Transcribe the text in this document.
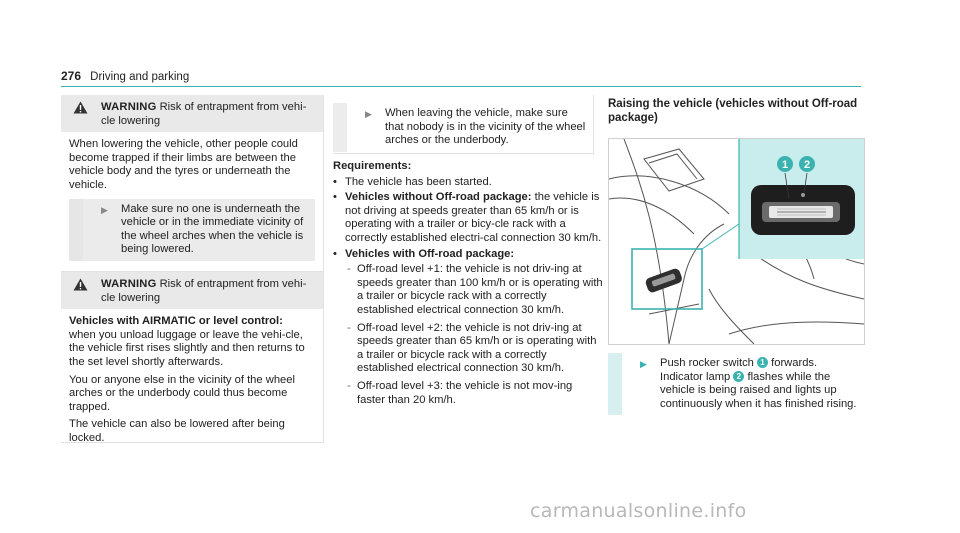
276 Driving and parking
WARNING Risk of entrapment from vehi-cle lowering

When lowering the vehicle, other people could become trapped if their limbs are between the vehicle body and the tyres or underneath the vehicle.

▶ Make sure no one is underneath the vehicle or in the immediate vicinity of the wheel arches when the vehicle is being lowered.
WARNING Risk of entrapment from vehi-cle lowering

Vehicles with AIRMATIC or level control:
when you unload luggage or leave the vehi-cle, the vehicle first rises slightly and then returns to the set level shortly afterwards.

You or anyone else in the vicinity of the wheel arches or the underbody could thus become trapped.

The vehicle can also be lowered after being locked.

▶ When leaving the vehicle, make sure that nobody is in the vicinity of the wheel arches or the underbody.

Requirements:

• The vehicle has been started.
• Vehicles without Off-road package: the vehicle is not driving at speeds greater than 65 km/h or is operating with a trailer or bicy-cle rack with a correctly established electri-cal connection 30 km/h.
• Vehicles with Off-road package:
- Off-road level +1: the vehicle is not driv-ing at speeds greater than 100 km/h or is operating with a trailer or bicycle rack with a correctly established electrical connection 30 km/h.
- Off-road level +2: the vehicle is not driv-ing at speeds greater than 65 km/h or is operating with a trailer or bicycle rack with a correctly established electrical connection 30 km/h.
- Off-road level +3: the vehicle is not mov-ing faster than 20 km/h.
Raising the vehicle (vehicles without Off-road package)
1 2
▶ Push rocker switch 1 forwards. Indicator lamp 2 flashes while the vehicle is being raised and lights up continuously when it has finished rising.
carmanualsonline.info
